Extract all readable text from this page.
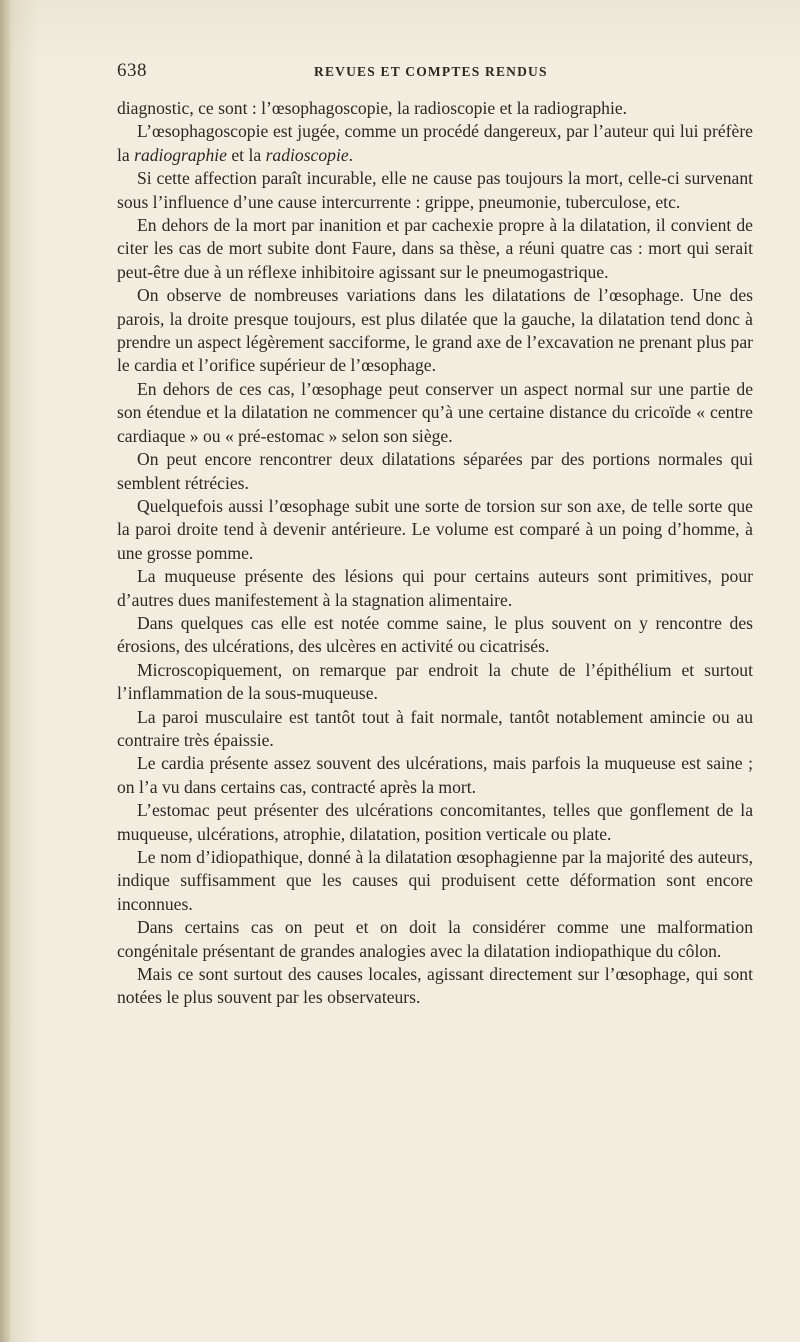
638	REVUES ET COMPTES RENDUS

diagnostic, ce sont : l’œsophagoscopie, la radioscopie et la radiographie.

L’œsophagoscopie est jugée, comme un procédé dangereux, par l’auteur qui lui préfère la radiographie et la radioscopie.

Si cette affection paraît incurable, elle ne cause pas toujours la mort, celle-ci survenant sous l’influence d’une cause intercurrente : grippe, pneumonie, tuberculose, etc.

En dehors de la mort par inanition et par cachexie propre à la dilatation, il convient de citer les cas de mort subite dont Faure, dans sa thèse, a réuni quatre cas : mort qui serait peut-être due à un réflexe inhibitoire agissant sur le pneumogastrique.

On observe de nombreuses variations dans les dilatations de l’œsophage. Une des parois, la droite presque toujours, est plus dilatée que la gauche, la dilatation tend donc à prendre un aspect légèrement sacciforme, le grand axe de l’excavation ne prenant plus par le cardia et l’orifice supérieur de l’œsophage.

En dehors de ces cas, l’œsophage peut conserver un aspect normal sur une partie de son étendue et la dilatation ne commencer qu’à une certaine distance du cricoïde « centre cardiaque » ou « pré-estomac » selon son siège.

On peut encore rencontrer deux dilatations séparées par des portions normales qui semblent rétrécies.

Quelquefois aussi l’œsophage subit une sorte de torsion sur son axe, de telle sorte que la paroi droite tend à devenir antérieure. Le volume est comparé à un poing d’homme, à une grosse pomme.

La muqueuse présente des lésions qui pour certains auteurs sont primitives, pour d’autres dues manifestement à la stagnation alimentaire.

Dans quelques cas elle est notée comme saine, le plus souvent on y rencontre des érosions, des ulcérations, des ulcères en activité ou cicatrisés.

Microscopiquement, on remarque par endroit la chute de l’épithélium et surtout l’inflammation de la sous-muqueuse.

La paroi musculaire est tantôt tout à fait normale, tantôt notablement amincie ou au contraire très épaissie.

Le cardia présente assez souvent des ulcérations, mais parfois la muqueuse est saine ; on l’a vu dans certains cas, contracté après la mort.

L’estomac peut présenter des ulcérations concomitantes, telles que gonflement de la muqueuse, ulcérations, atrophie, dilatation, position verticale ou plate.

Le nom d’idiopathique, donné à la dilatation œsophagienne par la majorité des auteurs, indique suffisamment que les causes qui produisent cette déformation sont encore inconnues.

Dans certains cas on peut et on doit la considérer comme une malformation congénitale présentant de grandes analogies avec la dilatation indiopathique du côlon.

Mais ce sont surtout des causes locales, agissant directement sur l’œsophage, qui sont notées le plus souvent par les observateurs.
